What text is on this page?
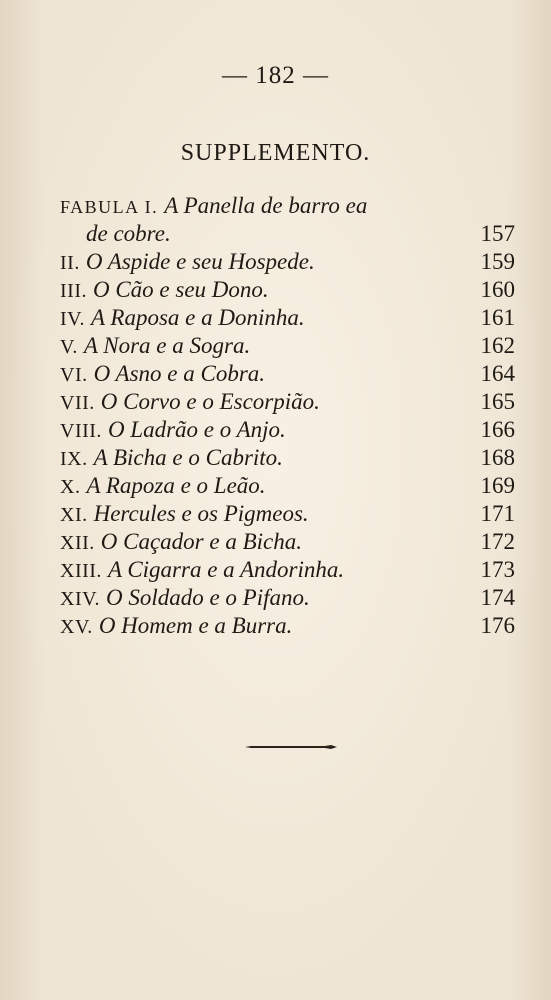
— 182 —
SUPPLEMENTO.
FABULA I. A Panella de barro ea
de cobre.	157
II. O Aspide e seu Hospede.	159
III. O Cão e seu Dono.	160
IV. A Raposa e a Doninha.	161
V. A Nora e a Sogra.	162
VI. O Asno e a Cobra.	164
VII. O Corvo e o Escorpião.	165
VIII. O Ladrão e o Anjo.	166
IX. A Bicha e o Cabrito.	168
X. A Rapoza e o Leão.	169
XI. Hercules e os Pigmeos.	171
XII. O Caçador e a Bicha.	172
XIII. A Cigarra e a Andorinha.	173
XIV. O Soldado e o Pifano.	174
XV. O Homem e a Burra.	176
